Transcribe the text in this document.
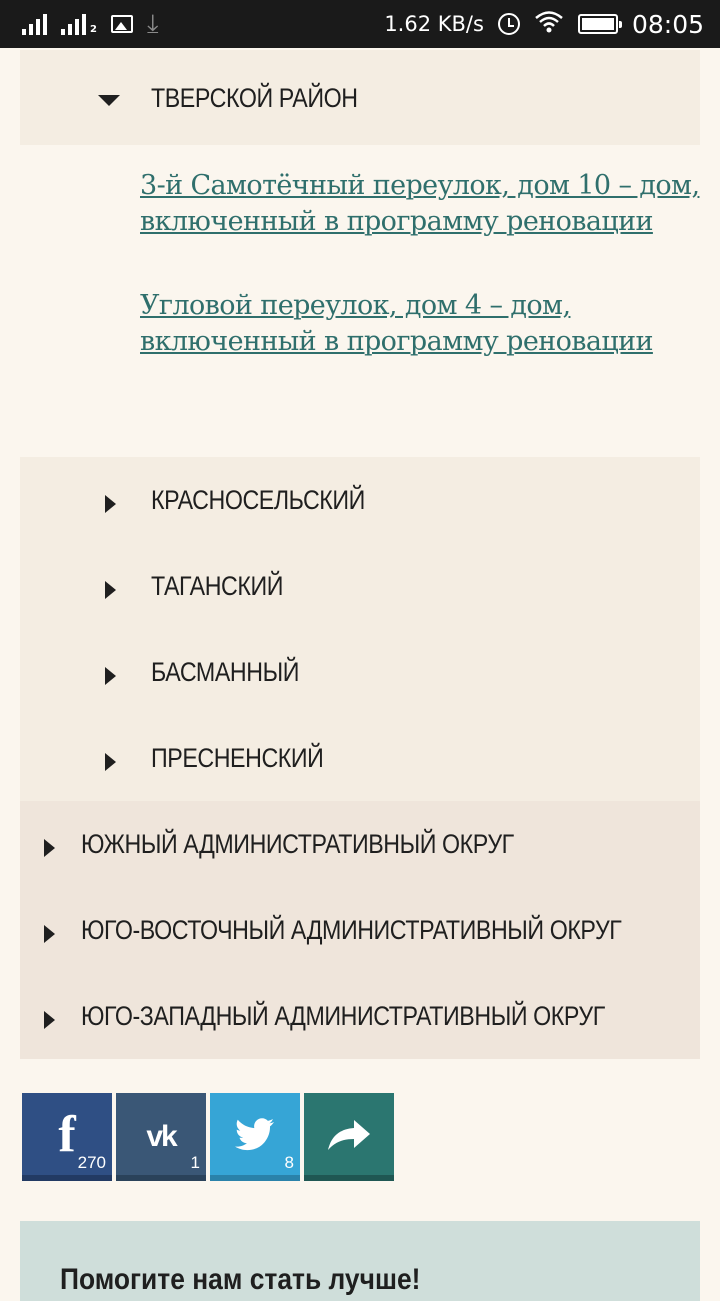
2 ⤓	1.62 KB/s	08:05
ТВЕРСКОЙ РАЙОН
3-й Самотёчный переулок, дом 10 – дом, включенный в программу реновации
Угловой переулок, дом 4 – дом, включенный в программу реновации
КРАСНОСЕЛЬСКИЙ
ТАГАНСКИЙ
БАСМАННЫЙ
ПРЕСНЕНСКИЙ
ЮЖНЫЙ АДМИНИСТРАТИВНЫЙ ОКРУГ
ЮГО-ВОСТОЧНЫЙ АДМИНИСТРАТИВНЫЙ ОКРУГ
ЮГО-ЗАПАДНЫЙ АДМИНИСТРАТИВНЫЙ ОКРУГ
f 270
vk
1	8
Помогите нам стать лучше!
